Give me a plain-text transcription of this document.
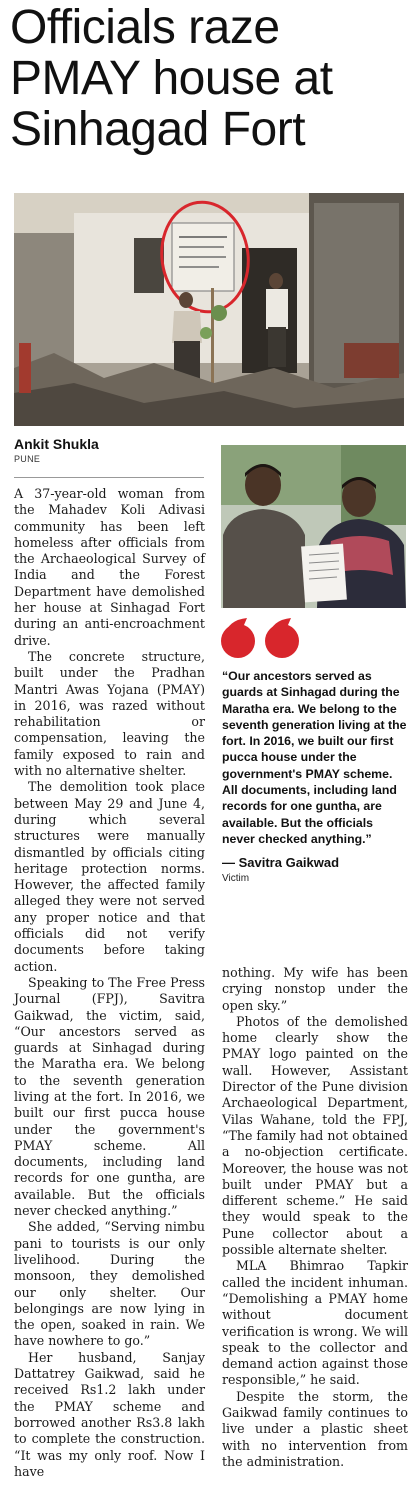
Officials raze
PMAY house at
Sinhagad Fort
Ankit Shukla
PUNE

A 37-year-old woman from the Mahadev Koli Adivasi community has been left homeless after officials from the Archaeological Survey of India and the Forest Department have demolished her house at Sinhagad Fort during an anti-encroachment drive.

The concrete structure, built under the Pradhan Mantri Awas Yojana (PMAY) in 2016, was razed without rehabilitation or compensation, leaving the family exposed to rain and with no alternative shelter.

The demolition took place between May 29 and June 4, during which several structures were manually dismantled by officials citing heritage protection norms. However, the affected family alleged they were not served any proper notice and that officials did not verify documents before taking action.

Speaking to The Free Press Journal (FPJ), Savitra Gaikwad, the victim, said, “Our ancestors served as guards at Sinhagad during the Maratha era. We belong to the seventh generation living at the fort. In 2016, we built our first pucca house under the government's PMAY scheme. All documents, including land records for one guntha, are available. But the officials never checked anything.”

She added, “Serving nimbu pani to tourists is our only livelihood. During the monsoon, they demolished our only shelter. Our belongings are now lying in the open, soaked in rain. We have nowhere to go.”

Her husband, Sanjay Dattatrey Gaikwad, said he received Rs1.2 lakh under the PMAY scheme and borrowed another Rs3.8 lakh to complete the construction. “It was my only roof. Now I have

“Our ancestors served as guards at Sinhagad during the Maratha era. We belong to the seventh generation living at the fort. In 2016, we built our first pucca house under the government's PMAY scheme. All documents, including land records for one guntha, are available. But the officials never checked anything.”
— Savitra Gaikwad
Victim

nothing. My wife has been crying nonstop under the open sky.”

Photos of the demolished home clearly show the PMAY logo painted on the wall. However, Assistant Director of the Pune division Archaeological Department, Vilas Wahane, told the FPJ, “The family had not obtained a no-objection certificate. Moreover, the house was not built under PMAY but a different scheme.” He said they would speak to the Pune collector about a possible alternate shelter.

MLA Bhimrao Tapkir called the incident inhuman. “Demolishing a PMAY home without document verification is wrong. We will speak to the collector and demand action against those responsible,” he said.

Despite the storm, the Gaikwad family continues to live under a plastic sheet with no intervention from the administration.
